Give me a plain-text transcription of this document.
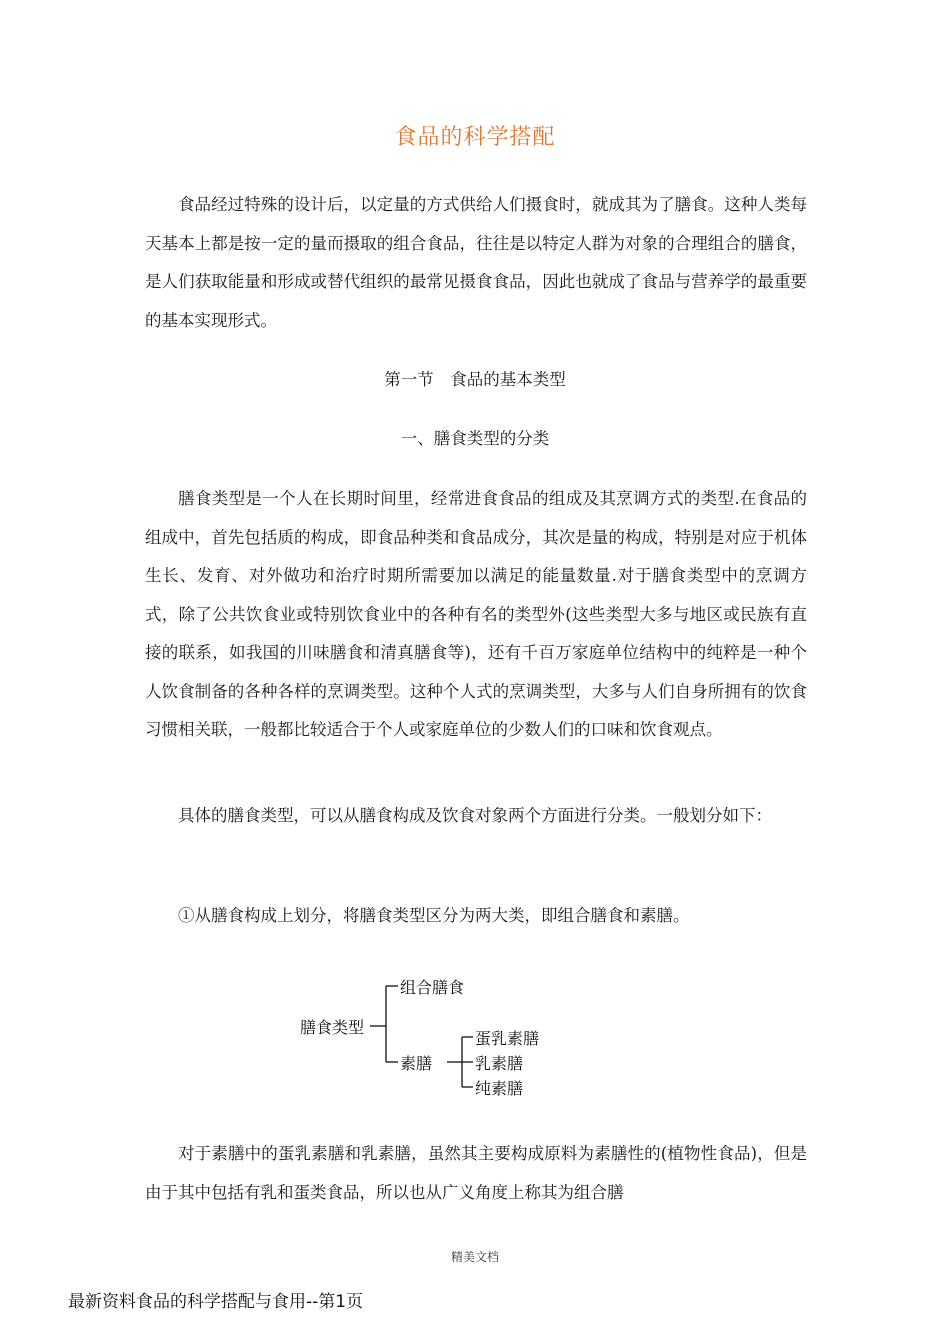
食品的科学搭配

食品经过特殊的设计后，以定量的方式供给人们摄食时，就成其为了膳食。这种人类每天基本上都是按一定的量而摄取的组合食品，往往是以特定人群为对象的合理组合的膳食，是人们获取能量和形成或替代组织的最常见摄食食品，因此也就成了食品与营养学的最重要的基本实现形式。

第一节　食品的基本类型
一、膳食类型的分类

膳食类型是一个人在长期时间里，经常进食食品的组成及其烹调方式的类型.在食品的组成中，首先包括质的构成，即食品种类和食品成分，其次是量的构成，特别是对应于机体生长、发育、对外做功和治疗时期所需要加以满足的能量数量.对于膳食类型中的烹调方式，除了公共饮食业或特别饮食业中的各种有名的类型外(这些类型大多与地区或民族有直接的联系，如我国的川味膳食和清真膳食等)，还有千百万家庭单位结构中的纯粹是一种个人饮食制备的各种各样的烹调类型。这种个人式的烹调类型，大多与人们自身所拥有的饮食习惯相关联，一般都比较适合于个人或家庭单位的少数人们的口味和饮食观点。

具体的膳食类型，可以从膳食构成及饮食对象两个方面进行分类。一般划分如下：

①从膳食构成上划分，将膳食类型区分为两大类，即组合膳食和素膳。

膳食类型
组合膳食
素膳
蛋乳素膳
乳素膳
纯素膳

对于素膳中的蛋乳素膳和乳素膳，虽然其主要构成原料为素膳性的(植物性食品)，但是由于其中包括有乳和蛋类食品，所以也从广义角度上称其为组合膳

精美文档
最新资料食品的科学搭配与食用--第1页
